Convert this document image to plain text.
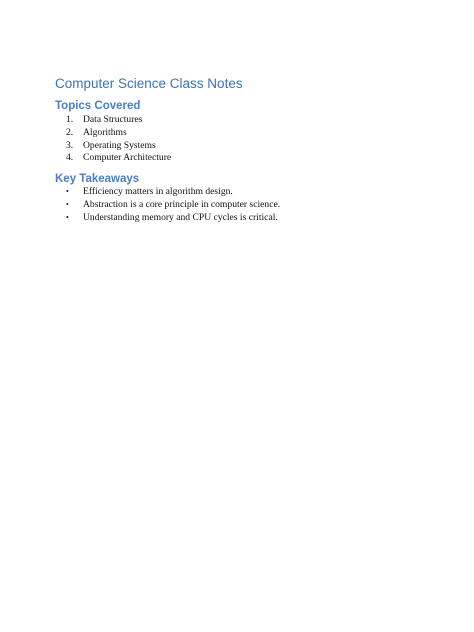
Computer Science Class Notes
Topics Covered
1.	Data Structures
2.	Algorithms
3.	Operating Systems
4.	Computer Architecture
Key Takeaways
• Efficiency matters in algorithm design.
• Abstraction is a core principle in computer science.
• Understanding memory and CPU cycles is critical.
